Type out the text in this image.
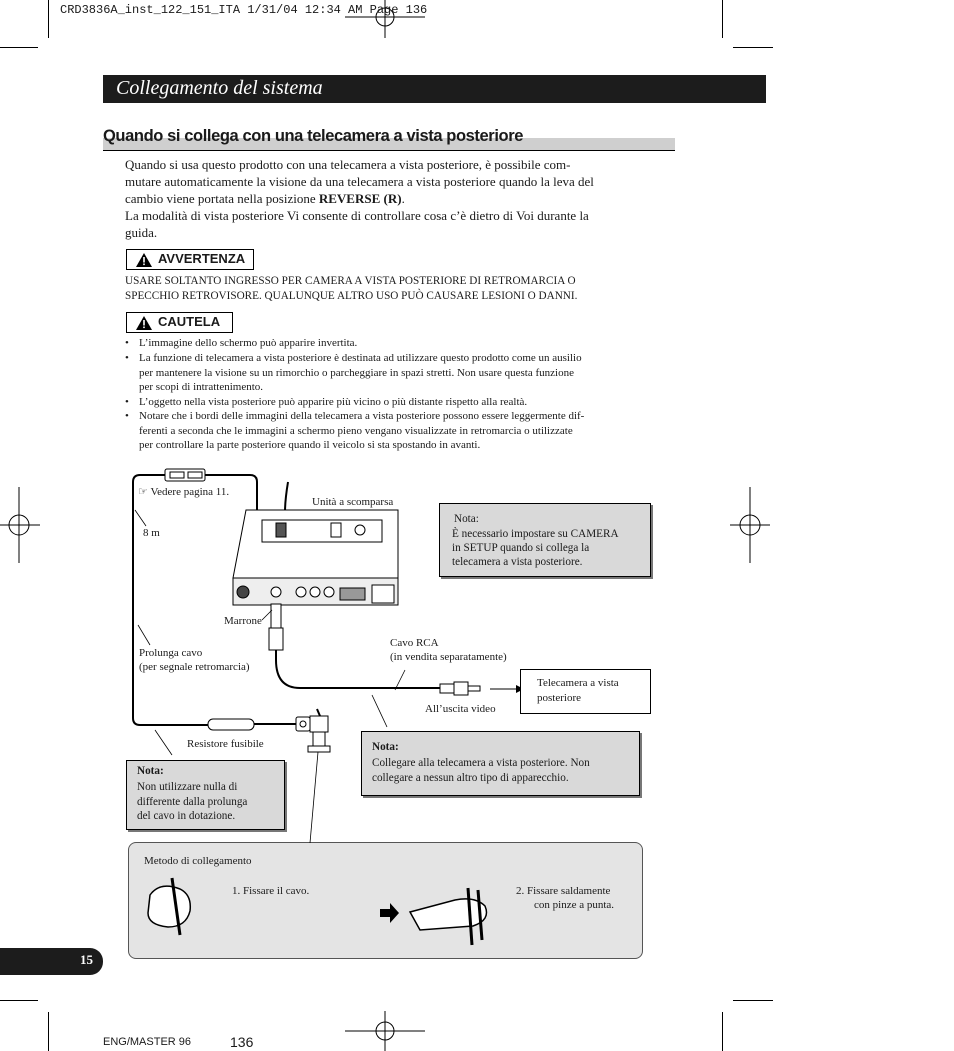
CRD3836A_inst_122_151_ITA 1/31/04 12:34 AM Page 136
Collegamento del sistema
Quando si collega con una telecamera a vista posteriore
Quando si usa questo prodotto con una telecamera a vista posteriore, è possibile com-
mutare automaticamente la visione da una telecamera a vista posteriore quando la leva del
cambio viene portata nella posizione REVERSE (R).
La modalità di vista posteriore Vi consente di controllare cosa c’è dietro di Voi durante la
guida.
AVVERTENZA
USARE SOLTANTO INGRESSO PER CAMERA A VISTA POSTERIORE DI RETROMARCIA O
SPECCHIO RETROVISORE. QUALUNQUE ALTRO USO PUÒ CAUSARE LESIONI O DANNI.
CAUTELA
• L’immagine dello schermo può apparire invertita.
• La funzione di telecamera a vista posteriore è destinata ad utilizzare questo prodotto come un ausilio
per mantenere la visione su un rimorchio o parcheggiare in spazi stretti. Non usare questa funzione
per scopi di intrattenimento.
• L’oggetto nella vista posteriore può apparire più vicino o più distante rispetto alla realtà.
• Notare che i bordi delle immagini della telecamera a vista posteriore possono essere leggermente dif-
ferenti a seconda che le immagini a schermo pieno vengano visualizzate in retromarcia o utilizzate
per controllare la parte posteriore quando il veicolo si sta spostando in avanti.
☞ Vedere pagina 11.
8 m
Unità a scomparsa
Marrone
Prolunga cavo
(per segnale retromarcia)
Resistore fusibile
Cavo RCA
(in vendita separatamente)
All’uscita video
Telecamera a vista
posteriore
Nota:
È necessario impostare su CAMERA
in SETUP quando si collega la
telecamera a vista posteriore.
Nota:
Collegare alla telecamera a vista posteriore. Non
collegare a nessun altro tipo di apparecchio.
Nota:
Non utilizzare nulla di
differente dalla prolunga
del cavo in dotazione.
Metodo di collegamento
1. Fissare il cavo.	2. Fissare saldamente
con pinze a punta.
15
ENG/MASTER 96	136
